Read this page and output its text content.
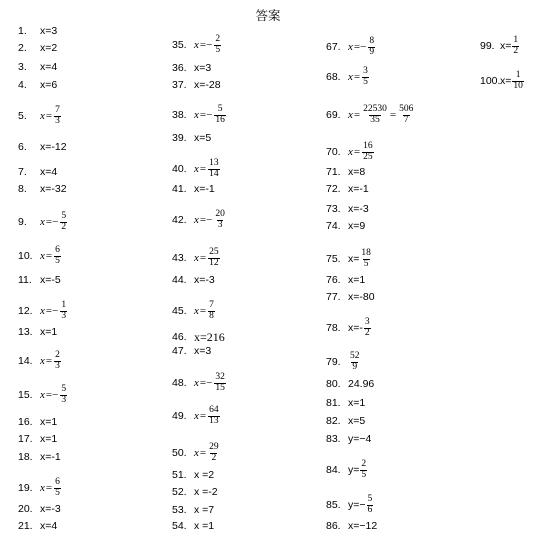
答案
1.	x=3
2.	x=2
3.	x=4
4.	x=6
5.	$x = \frac{7}{3}$
6.	x=-12
7.	x=4
8.	x=-32
9.	$x =- \frac{5}{2}$
10. $x = \frac{6}{5}$
11. x=-5
12. $x =- \frac{1}{3}$
13. x=1
14. $x = \frac{2}{3}$
15. $x =- \frac{5}{3}$
16. x=1
17. x=1
18. x=-1
19. $x = \frac{6}{5}$
20. x=-3
21. x=4
35. $x =- \frac{2}{5}$
36. x=3
37. x=-28
38. $x =- \frac{5}{16}$
39. x=5
40. $x = \frac{13}{14}$
41. x=-1
42. $x =- \frac{20}{3}$
43. $x = \frac{25}{12}$
44. x=-3
45. $x = \frac{7}{8}$
46. x=216
47. x=3
48. $x =- \frac{32}{15}$
49. $x = \frac{64}{13}$
50. $x = \frac{29}{2}$
51. x =2
52. x =-2
53. x =7
54. x =1
67. $x =- \frac{8}{9}$
68. $x = \frac{3}{5}$
69. $x = \frac{22530}{35} = \frac{506}{7}$
70. $x = \frac{16}{25}$
71. x=8
72. x=-1
73. x=-3
74. x=9
75. $x= \frac{18}{5}$
76. x=1
77. x=-80
78. $x=- \frac{3}{2}$
79. $\frac{52}{9}$
80. 24.96
81. x=1
82. x=5
83. y=−4
84. $y= \frac{2}{5}$
85. $y=- \frac{5}{6}$
86. x=−12
99. $x= \frac{1}{2}$
100. $x= \frac{1}{10}$
